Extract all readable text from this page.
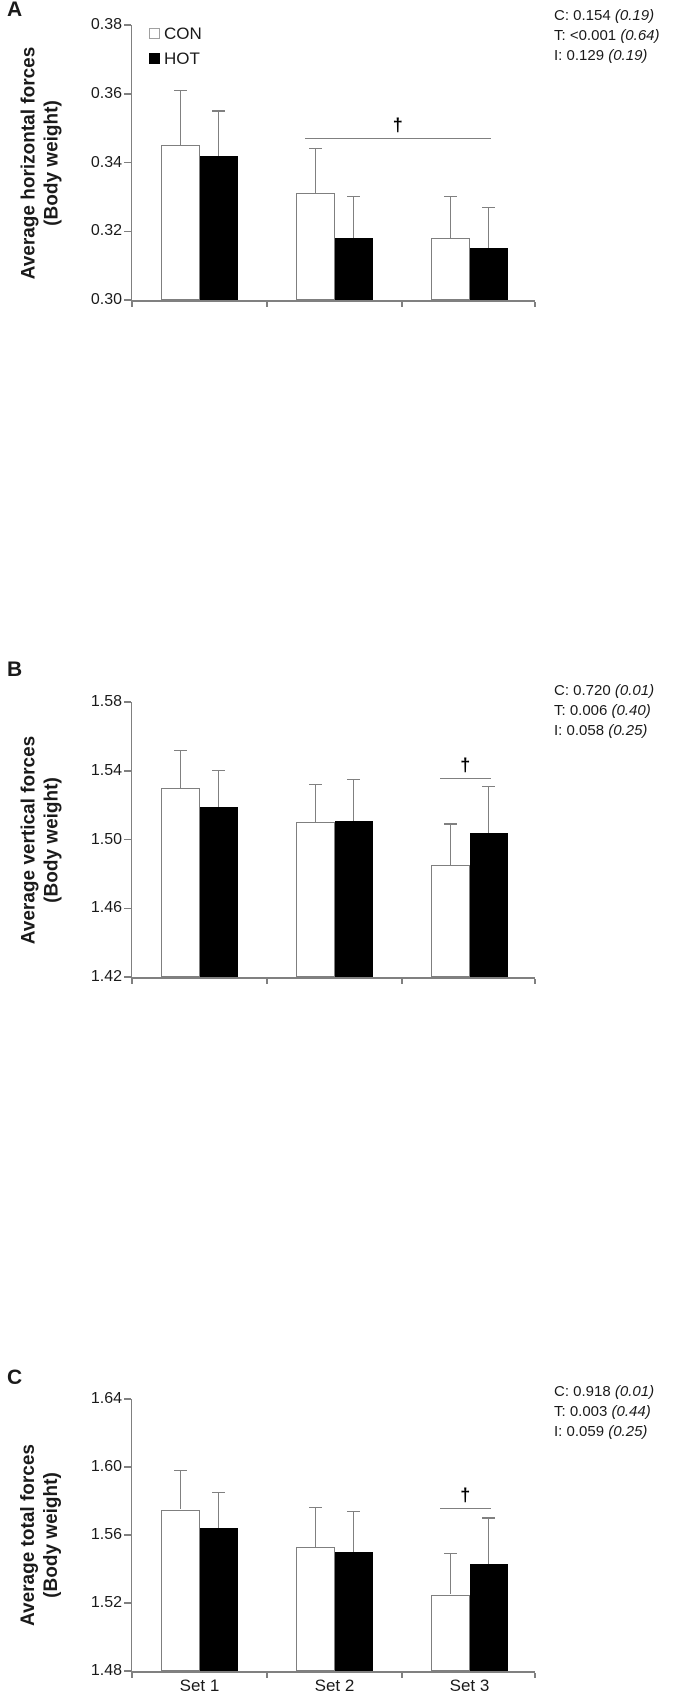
A
Average horizontal forces (Body weight)
0.30
0.32
0.34
0.36
0.38 CON
HOT
†
C: 0.154 (0.19)
T: <0.001 (0.64)
I: 0.129 (0.19)
B
Average vertical forces (Body weight)
1.42
1.46
1.50
1.54
1.58
†
C: 0.720 (0.01)
T: 0.006 (0.40)
I: 0.058 (0.25)
C
Average total forces (Body weight)
1.48
1.52
1.56
1.60
1.64
†
C: 0.918 (0.01)
T: 0.003 (0.44)
I: 0.059 (0.25)
Set 1	Set 2	Set 3
